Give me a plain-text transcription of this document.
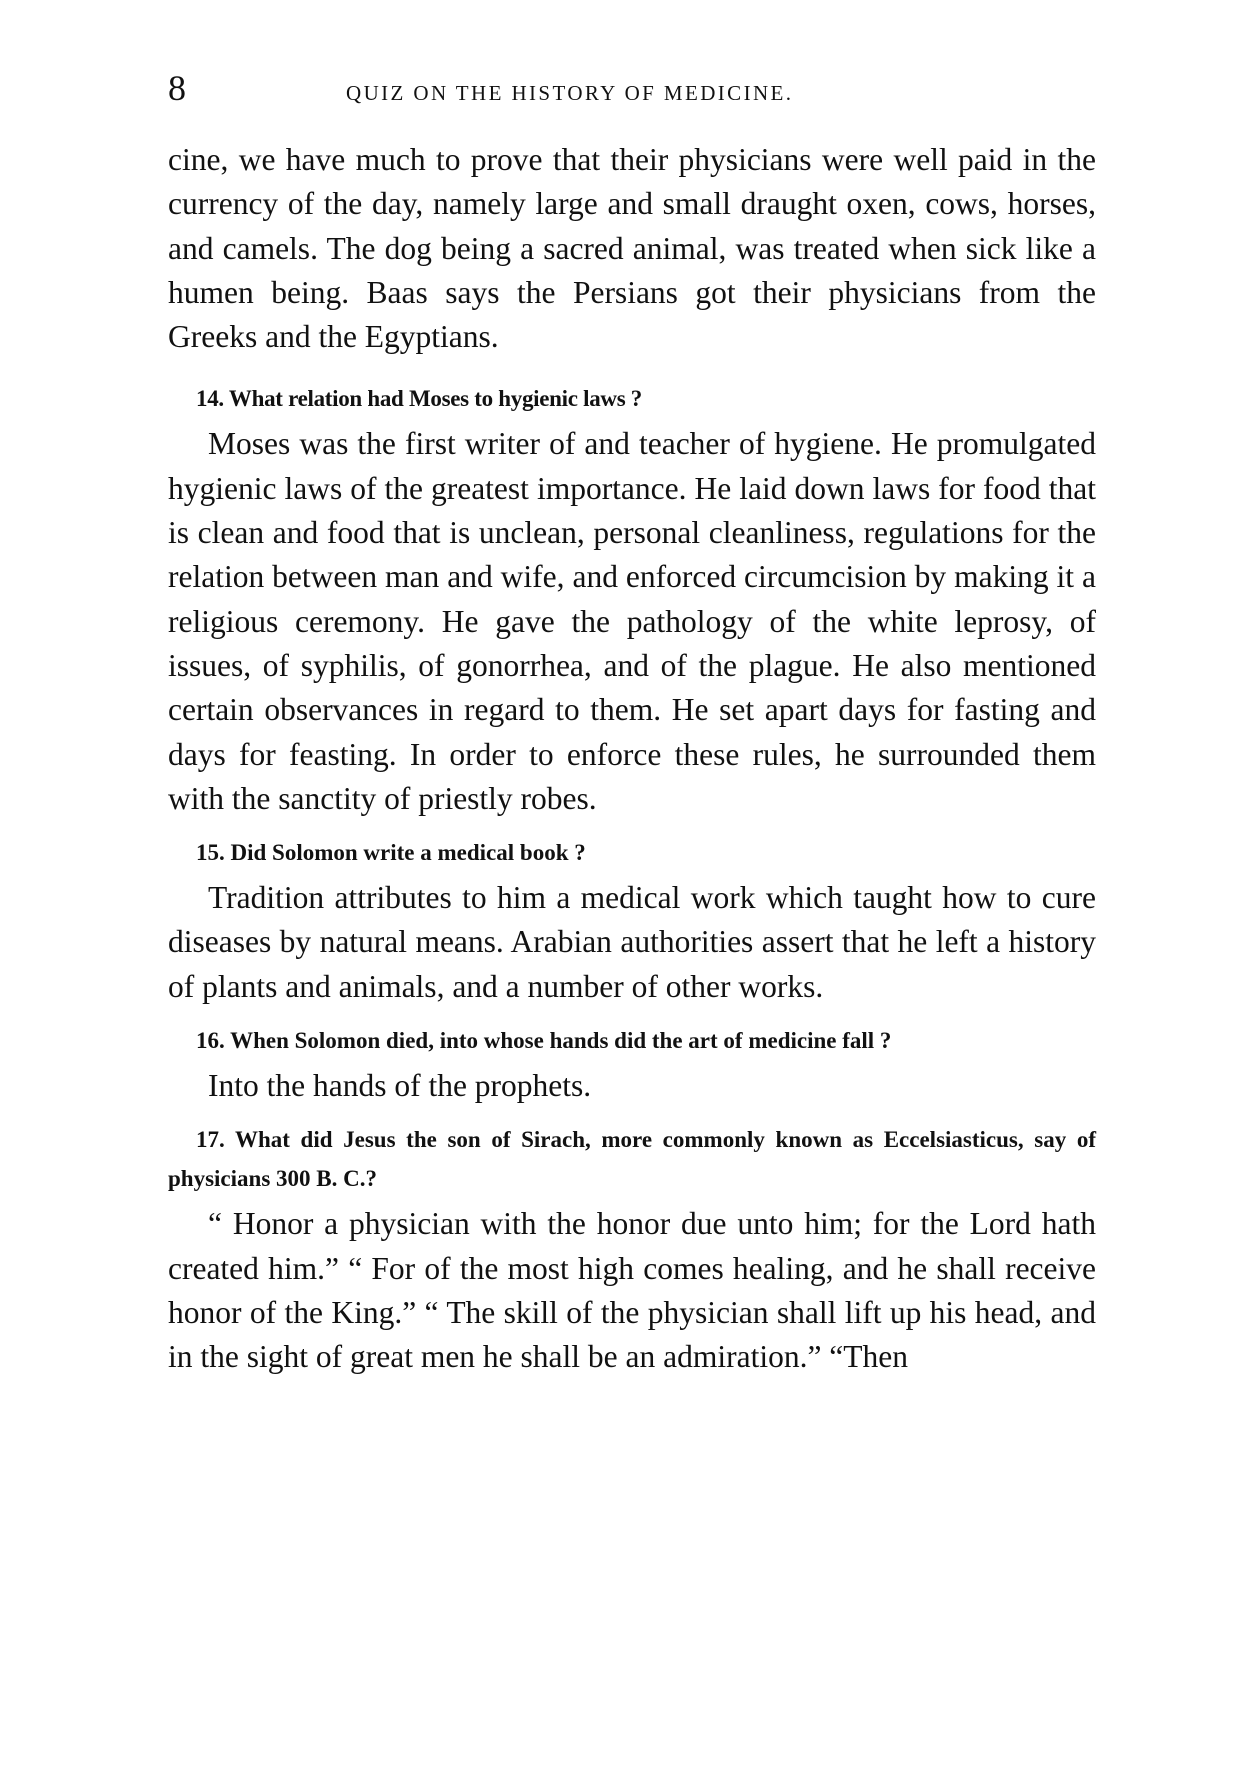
8	QUIZ ON THE HISTORY OF MEDICINE.

cine, we have much to prove that their physicians were well paid in the currency of the day, namely large and small draught oxen, cows, horses, and camels. The dog being a sacred animal, was treated when sick like a humen being. Baas says the Persians got their physicians from the Greeks and the Egyptians.

14. What relation had Moses to hygienic laws ?

Moses was the first writer of and teacher of hygiene. He promulgated hygienic laws of the greatest importance. He laid down laws for food that is clean and food that is unclean, personal cleanliness, regulations for the relation between man and wife, and enforced circumcision by making it a religious ceremony. He gave the pathology of the white leprosy, of issues, of syphilis, of gonorrhea, and of the plague. He also mentioned certain observances in regard to them. He set apart days for fasting and days for feasting. In order to enforce these rules, he surrounded them with the sanctity of priestly robes.

15. Did Solomon write a medical book ?

Tradition attributes to him a medical work which taught how to cure diseases by natural means. Arabian authorities assert that he left a history of plants and animals, and a number of other works.

16. When Solomon died, into whose hands did the art of medicine fall ?

Into the hands of the prophets.

17. What did Jesus the son of Sirach, more commonly known as Eccelsiasticus, say of physicians 300 B. C.?

“ Honor a physician with the honor due unto him; for the Lord hath created him.” “ For of the most high comes healing, and he shall receive honor of the King.” “ The skill of the physician shall lift up his head, and in the sight of great men he shall be an admiration.” “Then
